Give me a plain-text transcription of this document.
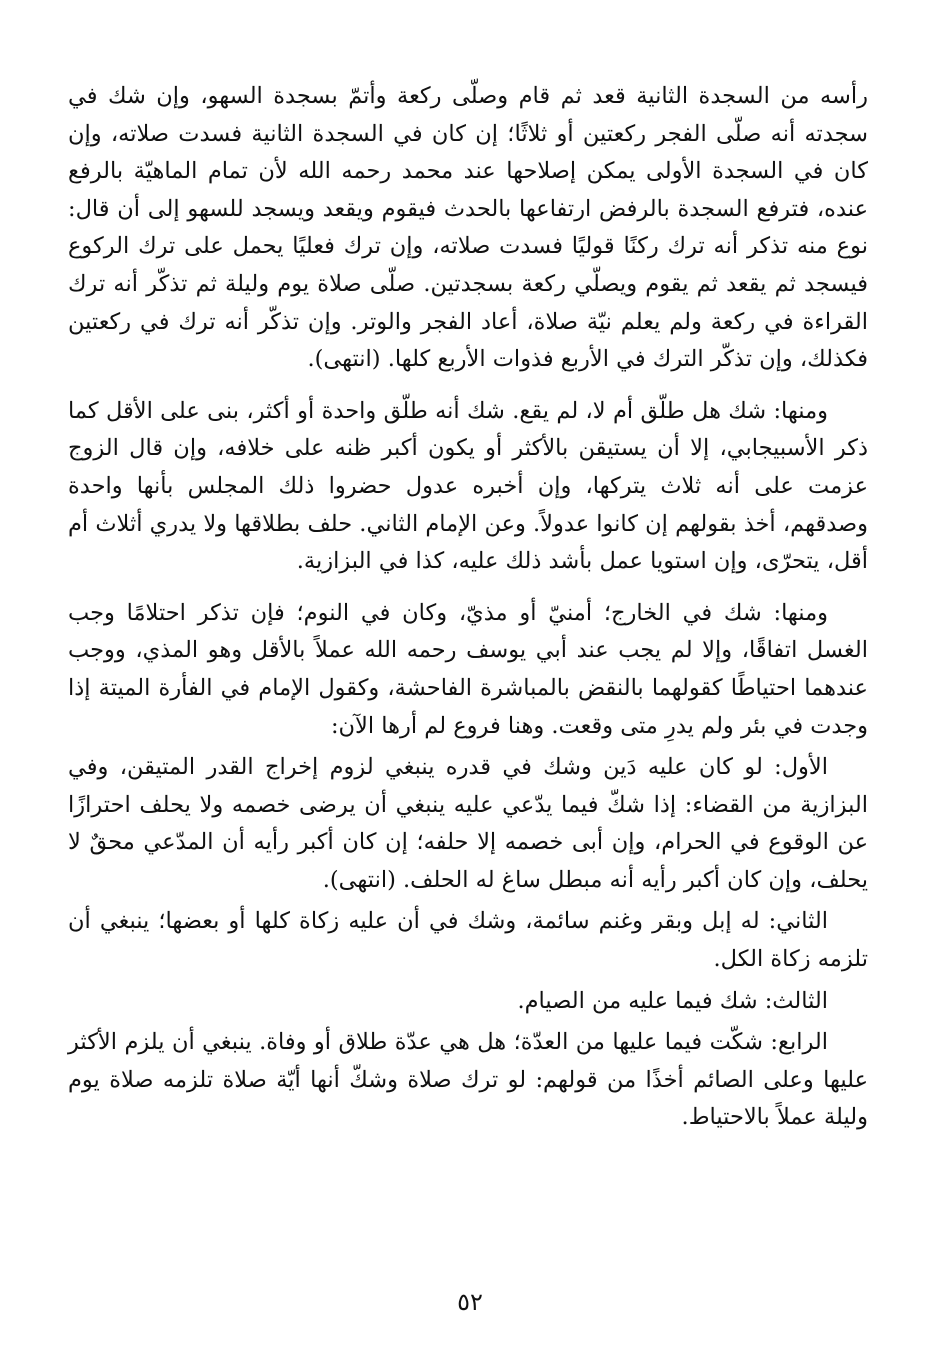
رأسه من السجدة الثانية قعد ثم قام وصلّى ركعة وأتمّ بسجدة السهو، وإن شك في سجدته أنه صلّى الفجر ركعتين أو ثلاثًا؛ إن كان في السجدة الثانية فسدت صلاته، وإن كان في السجدة الأولى يمكن إصلاحها عند محمد رحمه الله لأن تمام الماهيّة بالرفع عنده، فترفع السجدة بالرفض ارتفاعها بالحدث فيقوم ويقعد ويسجد للسهو إلى أن قال: نوع منه تذكر أنه ترك ركنًا قوليًا فسدت صلاته، وإن ترك فعليًا يحمل على ترك الركوع فيسجد ثم يقعد ثم يقوم ويصلّي ركعة بسجدتين. صلّى صلاة يوم وليلة ثم تذكّر أنه ترك القراءة في ركعة ولم يعلم نيّة صلاة، أعاد الفجر والوتر. وإن تذكّر أنه ترك في ركعتين فكذلك، وإن تذكّر الترك في الأربع فذوات الأربع كلها. (انتهى).

ومنها: شك هل طلّق أم لا، لم يقع. شك أنه طلّق واحدة أو أكثر، بنى على الأقل كما ذكر الأسبيجابي، إلا أن يستيقن بالأكثر أو يكون أكبر ظنه على خلافه، وإن قال الزوج عزمت على أنه ثلاث يتركها، وإن أخبره عدول حضروا ذلك المجلس بأنها واحدة وصدقهم، أخذ بقولهم إن كانوا عدولاً. وعن الإمام الثاني. حلف بطلاقها ولا يدري أثلاث أم أقل، يتحرّى، وإن استويا عمل بأشد ذلك عليه، كذا في البزازية.

ومنها: شك في الخارج؛ أمنيّ أو مذيّ، وكان في النوم؛ فإن تذكر احتلامًا وجب الغسل اتفاقًا، وإلا لم يجب عند أبي يوسف رحمه الله عملاً بالأقل وهو المذي، ووجب عندهما احتياطًا كقولهما بالنقض بالمباشرة الفاحشة، وكقول الإمام في الفأرة الميتة إذا وجدت في بئر ولم يدرِ متى وقعت. وهنا فروع لم أرها الآن:

الأول: لو كان عليه دَين وشك في قدره ينبغي لزوم إخراج القدر المتيقن، وفي البزازية من القضاء: إذا شكّ فيما يدّعي عليه ينبغي أن يرضى خصمه ولا يحلف احترازًا عن الوقوع في الحرام، وإن أبى خصمه إلا حلفه؛ إن كان أكبر رأيه أن المدّعي محقٌ لا يحلف، وإن كان أكبر رأيه أنه مبطل ساغ له الحلف. (انتهى).

الثاني: له إبل وبقر وغنم سائمة، وشك في أن عليه زكاة كلها أو بعضها؛ ينبغي أن تلزمه زكاة الكل.

الثالث: شك فيما عليه من الصيام.

الرابع: شكّت فيما عليها من العدّة؛ هل هي عدّة طلاق أو وفاة. ينبغي أن يلزم الأكثر عليها وعلى الصائم أخذًا من قولهم: لو ترك صلاة وشكّ أنها أيّة صلاة تلزمه صلاة يوم وليلة عملاً بالاحتياط.

٥٢
